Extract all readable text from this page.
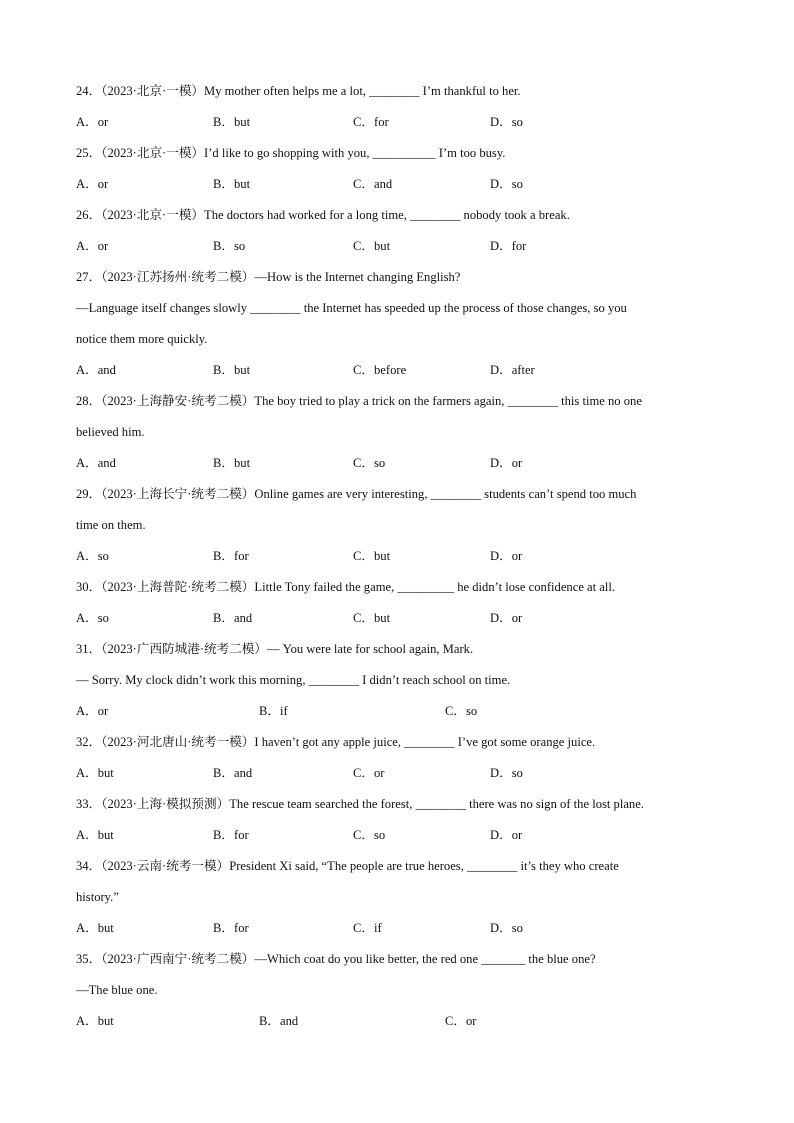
24．（2023·北京·一模）My mother often helps me a lot, ________ I’m thankful to her.
A．or	B．but	C．for	D．so
25．（2023·北京·一模）I’d like to go shopping with you, __________ I’m too busy.
A．or	B．but	C．and	D．so
26．（2023·北京·一模）The doctors had worked for a long time, ________ nobody took a break.
A．or	B．so	C．but	D．for
27．（2023·江苏扬州·统考二模）—How is the Internet changing English?
—Language itself changes slowly ________ the Internet has speeded up the process of those changes, so you
notice them more quickly.
A．and	B．but	C．before	D．after
28．（2023·上海静安·统考二模）The boy tried to play a trick on the farmers again, ________ this time no one
believed him.
A．and	B．but	C．so	D．or
29．（2023·上海长宁·统考二模）Online games are very interesting, ________ students can’t spend too much
time on them.
A．so	B．for	C．but	D．or
30．（2023·上海普陀·统考二模）Little Tony failed the game, _________ he didn’t lose confidence at all.
A．so	B．and	C．but	D．or
31．（2023·广西防城港·统考二模）— You were late for school again, Mark.
— Sorry. My clock didn’t work this morning, ________ I didn’t reach school on time.
A．or	B．if	C．so
32．（2023·河北唐山·统考一模）I haven’t got any apple juice, ________ I’ve got some orange juice.
A．but	B．and	C．or	D．so
33．（2023·上海·模拟预测）The rescue team searched the forest, ________ there was no sign of the lost plane.
A．but	B．for	C．so	D．or
34．（2023·云南·统考一模）President Xi said, “The people are true heroes, ________ it’s they who create
history.”
A．but	B．for	C．if	D．so
35．（2023·广西南宁·统考二模）—Which coat do you like better, the red one _______ the blue one?
—The blue one.
A．but	B．and	C．or
